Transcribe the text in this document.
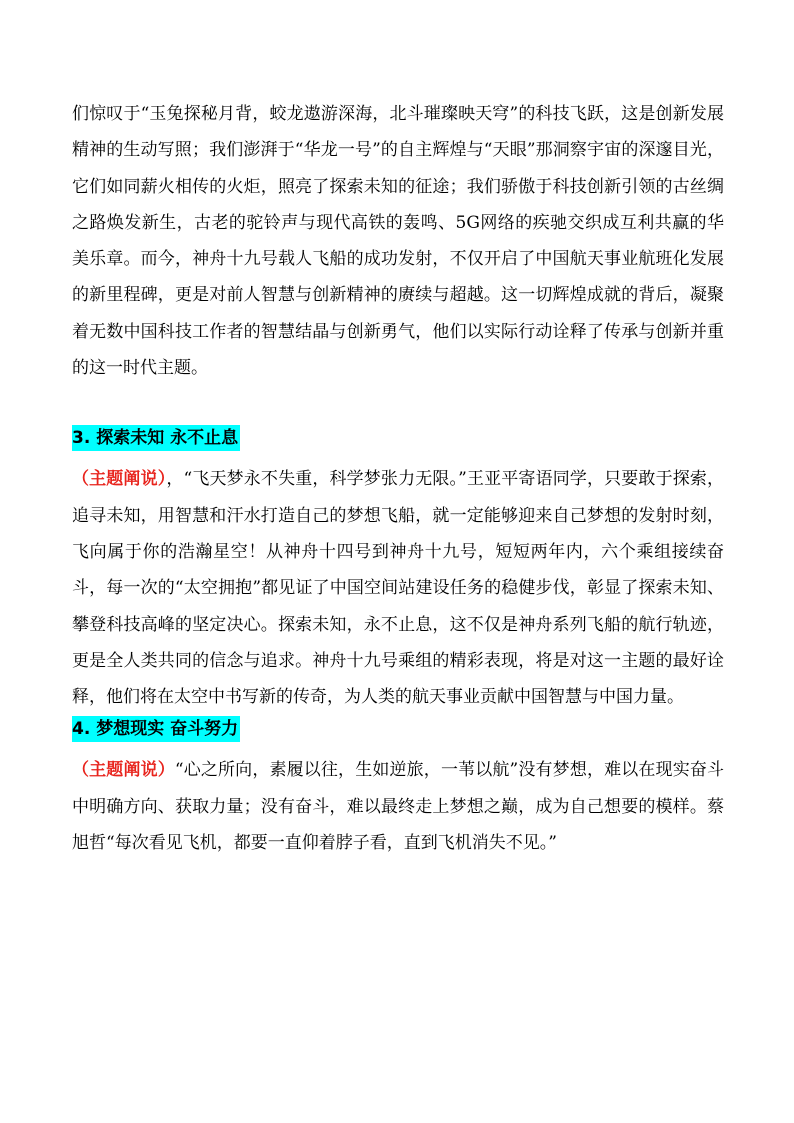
们惊叹于“玉兔探秘月背，蛟龙遨游深海，北斗璀璨映天穹”的科技飞跃，这是创新发展精神的生动写照；我们澎湃于“华龙一号”的自主辉煌与“天眼”那洞察宇宙的深邃目光，它们如同薪火相传的火炬，照亮了探索未知的征途；我们骄傲于科技创新引领的古丝绸之路焕发新生，古老的驼铃声与现代高铁的轰鸣、5G网络的疾驰交织成互利共赢的华美乐章。而今，神舟十九号载人飞船的成功发射，不仅开启了中国航天事业航班化发展的新里程碑，更是对前人智慧与创新精神的赓续与超越。这一切辉煌成就的背后，凝聚着无数中国科技工作者的智慧结晶与创新勇气，他们以实际行动诠释了传承与创新并重的这一时代主题。

3. 探索未知 永不止息

（主题阐说），“飞天梦永不失重，科学梦张力无限。”王亚平寄语同学，只要敢于探索，追寻未知，用智慧和汗水打造自己的梦想飞船，就一定能够迎来自己梦想的发射时刻，飞向属于你的浩瀚星空！从神舟十四号到神舟十九号，短短两年内，六个乘组接续奋斗，每一次的“太空拥抱”都见证了中国空间站建设任务的稳健步伐，彰显了探索未知、攀登科技高峰的坚定决心。探索未知，永不止息，这不仅是神舟系列飞船的航行轨迹，更是全人类共同的信念与追求。神舟十九号乘组的精彩表现，将是对这一主题的最好诠释，他们将在太空中书写新的传奇，为人类的航天事业贡献中国智慧与中国力量。

4. 梦想现实 奋斗努力

（主题阐说）“心之所向，素履以往，生如逆旅，一苇以航”没有梦想，难以在现实奋斗中明确方向、获取力量；没有奋斗，难以最终走上梦想之巅，成为自己想要的模样。蔡旭哲“每次看见飞机，都要一直仰着脖子看，直到飞机消失不见。”
